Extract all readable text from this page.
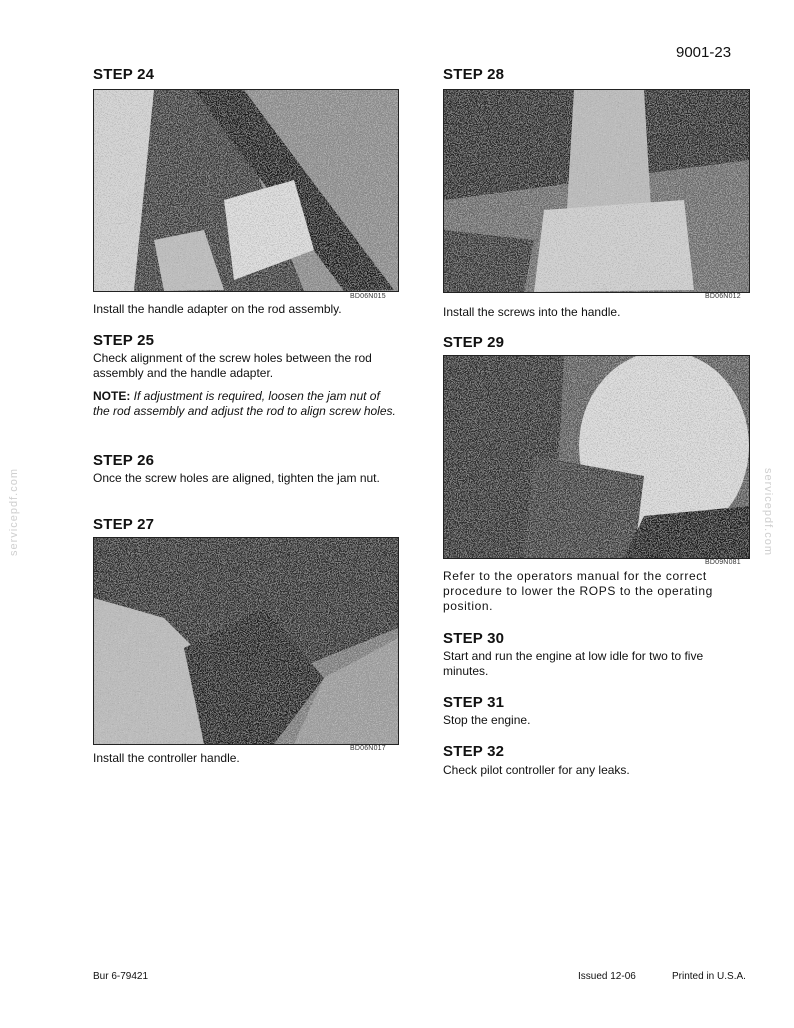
9001-23
servicepdf.com	servicepdf.com
STEP 24
BD06N015
Install the handle adapter on the rod assembly.
STEP 25
Check alignment of the screw holes between the rod assembly and the handle adapter.
NOTE: If adjustment is required, loosen the jam nut of the rod assembly and adjust the rod to align screw holes.
STEP 26
Once the screw holes are aligned, tighten the jam nut.
STEP 27
BD06N017
Install the controller handle.
STEP 28
BD06N012
Install the screws into the handle.
STEP 29
BD09N081
Refer to the operators manual for the correct procedure to lower the ROPS to the operating position.
STEP 30
Start and run the engine at low idle for two to five minutes.
STEP 31
Stop the engine.
STEP 32
Check pilot controller for any leaks.
Bur 6-79421	Issued 12-06	Printed in U.S.A.
